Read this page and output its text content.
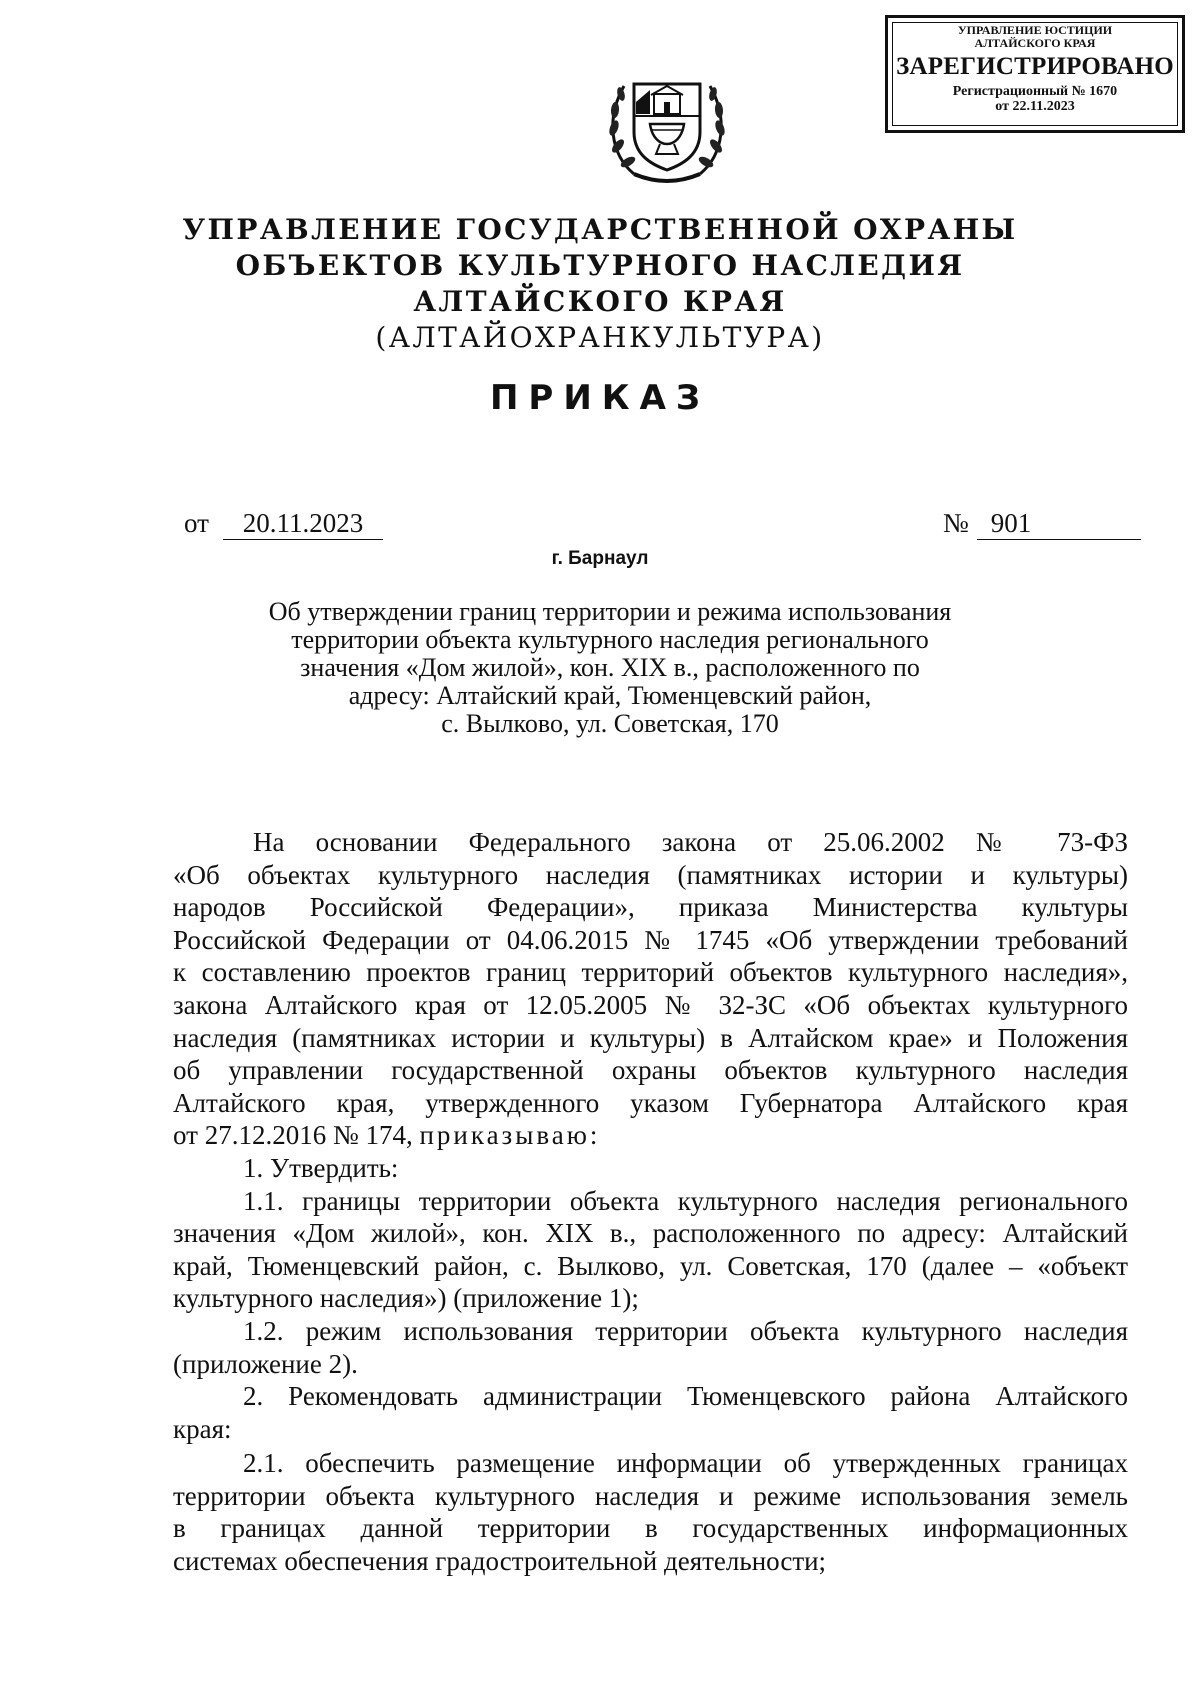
УПРАВЛЕНИЕ ЮСТИЦИИ
АЛТАЙСКОГО КРАЯ
ЗАРЕГИСТРИРОВАНО
Регистрационный № 1670
от 22.11.2023
УПРАВЛЕНИЕ ГОСУДАРСТВЕННОЙ ОХРАНЫ
ОБЪЕКТОВ КУЛЬТУРНОГО НАСЛЕДИЯ
АЛТАЙСКОГО КРАЯ
(АЛТАЙОХРАНКУЛЬТУРА)
ПРИКАЗ
от 20.11.2023	№ 901
г. Барнаул
Об утверждении границ территории и режима использования
территории объекта культурного наследия регионального
значения «Дом жилой», кон. XIX в., расположенного по
адресу: Алтайский край, Тюменцевский район,
с. Вылково, ул. Советская, 170
На основании Федерального закона от 25.06.2002 № 73-ФЗ
«Об объектах культурного наследия (памятниках истории и культуры)
народов Российской Федерации», приказа Министерства культуры
Российской Федерации от 04.06.2015 № 1745 «Об утверждении требований
к составлению проектов границ территорий объектов культурного наследия»,
закона Алтайского края от 12.05.2005 № 32-ЗС «Об объектах культурного
наследия (памятниках истории и культуры) в Алтайском крае» и Положения
об управлении государственной охраны объектов культурного наследия
Алтайского края, утвержденного указом Губернатора Алтайского края
от 27.12.2016 № 174, приказываю:
1. Утвердить:
1.1. границы территории объекта культурного наследия регионального
значения «Дом жилой», кон. XIX в., расположенного по адресу: Алтайский
край, Тюменцевский район, с. Вылково, ул. Советская, 170 (далее – «объект
культурного наследия») (приложение 1);
1.2. режим использования территории объекта культурного наследия
(приложение 2).
2. Рекомендовать администрации Тюменцевского района Алтайского
края:
2.1. обеспечить размещение информации об утвержденных границах
территории объекта культурного наследия и режиме использования земель
в границах данной территории в государственных информационных
системах обеспечения градостроительной деятельности;
